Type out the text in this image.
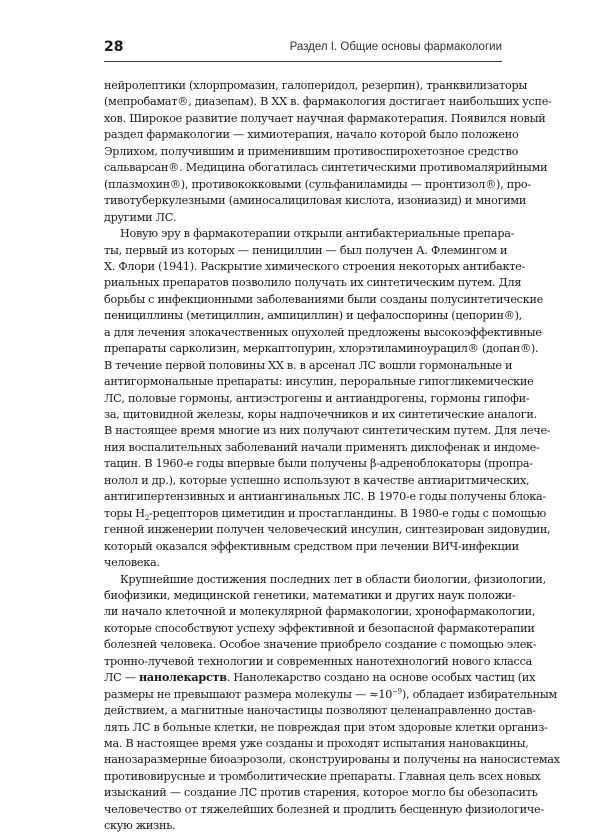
28	Раздел I. Общие основы фармакологии
нейролептики (хлорпромазин, галоперидол, резерпин), транквилизаторы
(мепробамат®, диазепам). В XX в. фармакология достигает наибольших успе-
хов. Широкое развитие получает научная фармакотерапия. Появился новый
раздел фармакологии — химиотерапия, начало которой было положено
Эрлихом, получившим и применившим противоспирохетозное средство
сальварсан®. Медицина обогатилась синтетическими противомалярийными
(плазмохин®), противококковыми (сульфаниламиды — пронтизол®), про-
тивотуберкулезными (аминосалициловая кислота, изониазид) и многими
другими ЛС.
Новую эру в фармакотерапии открыли антибактериальные препара-
ты, первый из которых — пенициллин — был получен А. Флемингом и
Х. Флори (1941). Раскрытие химического строения некоторых антибакте-
риальных препаратов позволило получать их синтетическим путем. Для
борьбы с инфекционными заболеваниями были созданы полусинтетические
пенициллины (метициллин, ампициллин) и цефалоспорины (цепорин®),
а для лечения злокачественных опухолей предложены высокоэффективные
препараты сарколизин, меркаптопурин, хлорэтиламиноурацил® (допан®).
В течение первой половины XX в. в арсенал ЛС вошли гормональные и
антигормональные препараты: инсулин, пероральные гипогликемические
ЛС, половые гормоны, антиэстрогены и антиандрогены, гормоны гипофи-
за, щитовидной железы, коры надпочечников и их синтетические аналоги.
В настоящее время многие из них получают синтетическим путем. Для лече-
ния воспалительных заболеваний начали применять диклофенак и индоме-
тацин. В 1960-е годы впервые были получены β-адреноблокаторы (пропра-
нолол и др.), которые успешно используют в качестве антиаритмических,
антигипертензивных и антиангинальных ЛС. В 1970-е годы получены блока-
торы $H_2$-рецепторов циметидин и простагландины. В 1980-е годы с помощью
генной инженерии получен человеческий инсулин, синтезирован зидовудин,
который оказался эффективным средством при лечении ВИЧ-инфекции
человека.
Крупнейшие достижения последних лет в области биологии, физиологии,
биофизики, медицинской генетики, математики и других наук положи-
ли начало клеточной и молекулярной фармакологии, хронофармакологии,
которые способствуют успеху эффективной и безопасной фармакотерапии
болезней человека. Особое значение приобрело создание с помощью элек-
тронно-лучевой технологии и современных нанотехнологий нового класса
ЛС — нанолекарств. Нанолекарство создано на основе особых частиц (их
размеры не превышают размера молекулы — $\approx 10^{-9}$), обладает избирательным
действием, а магнитные наночастицы позволяют целенаправленно достав-
лять ЛС в больные клетки, не повреждая при этом здоровые клетки организ-
ма. В настоящее время уже созданы и проходят испытания нановакцины,
нанозаразмерные биоаэрозоли, сконструированы и получены на наносистемах
противовирусные и тромболитические препараты. Главная цель всех новых
изысканий — создание ЛС против старения, которое могло бы обезопасить
человечество от тяжелейших болезней и продлить бесценную физиологиче-
скую жизнь.
